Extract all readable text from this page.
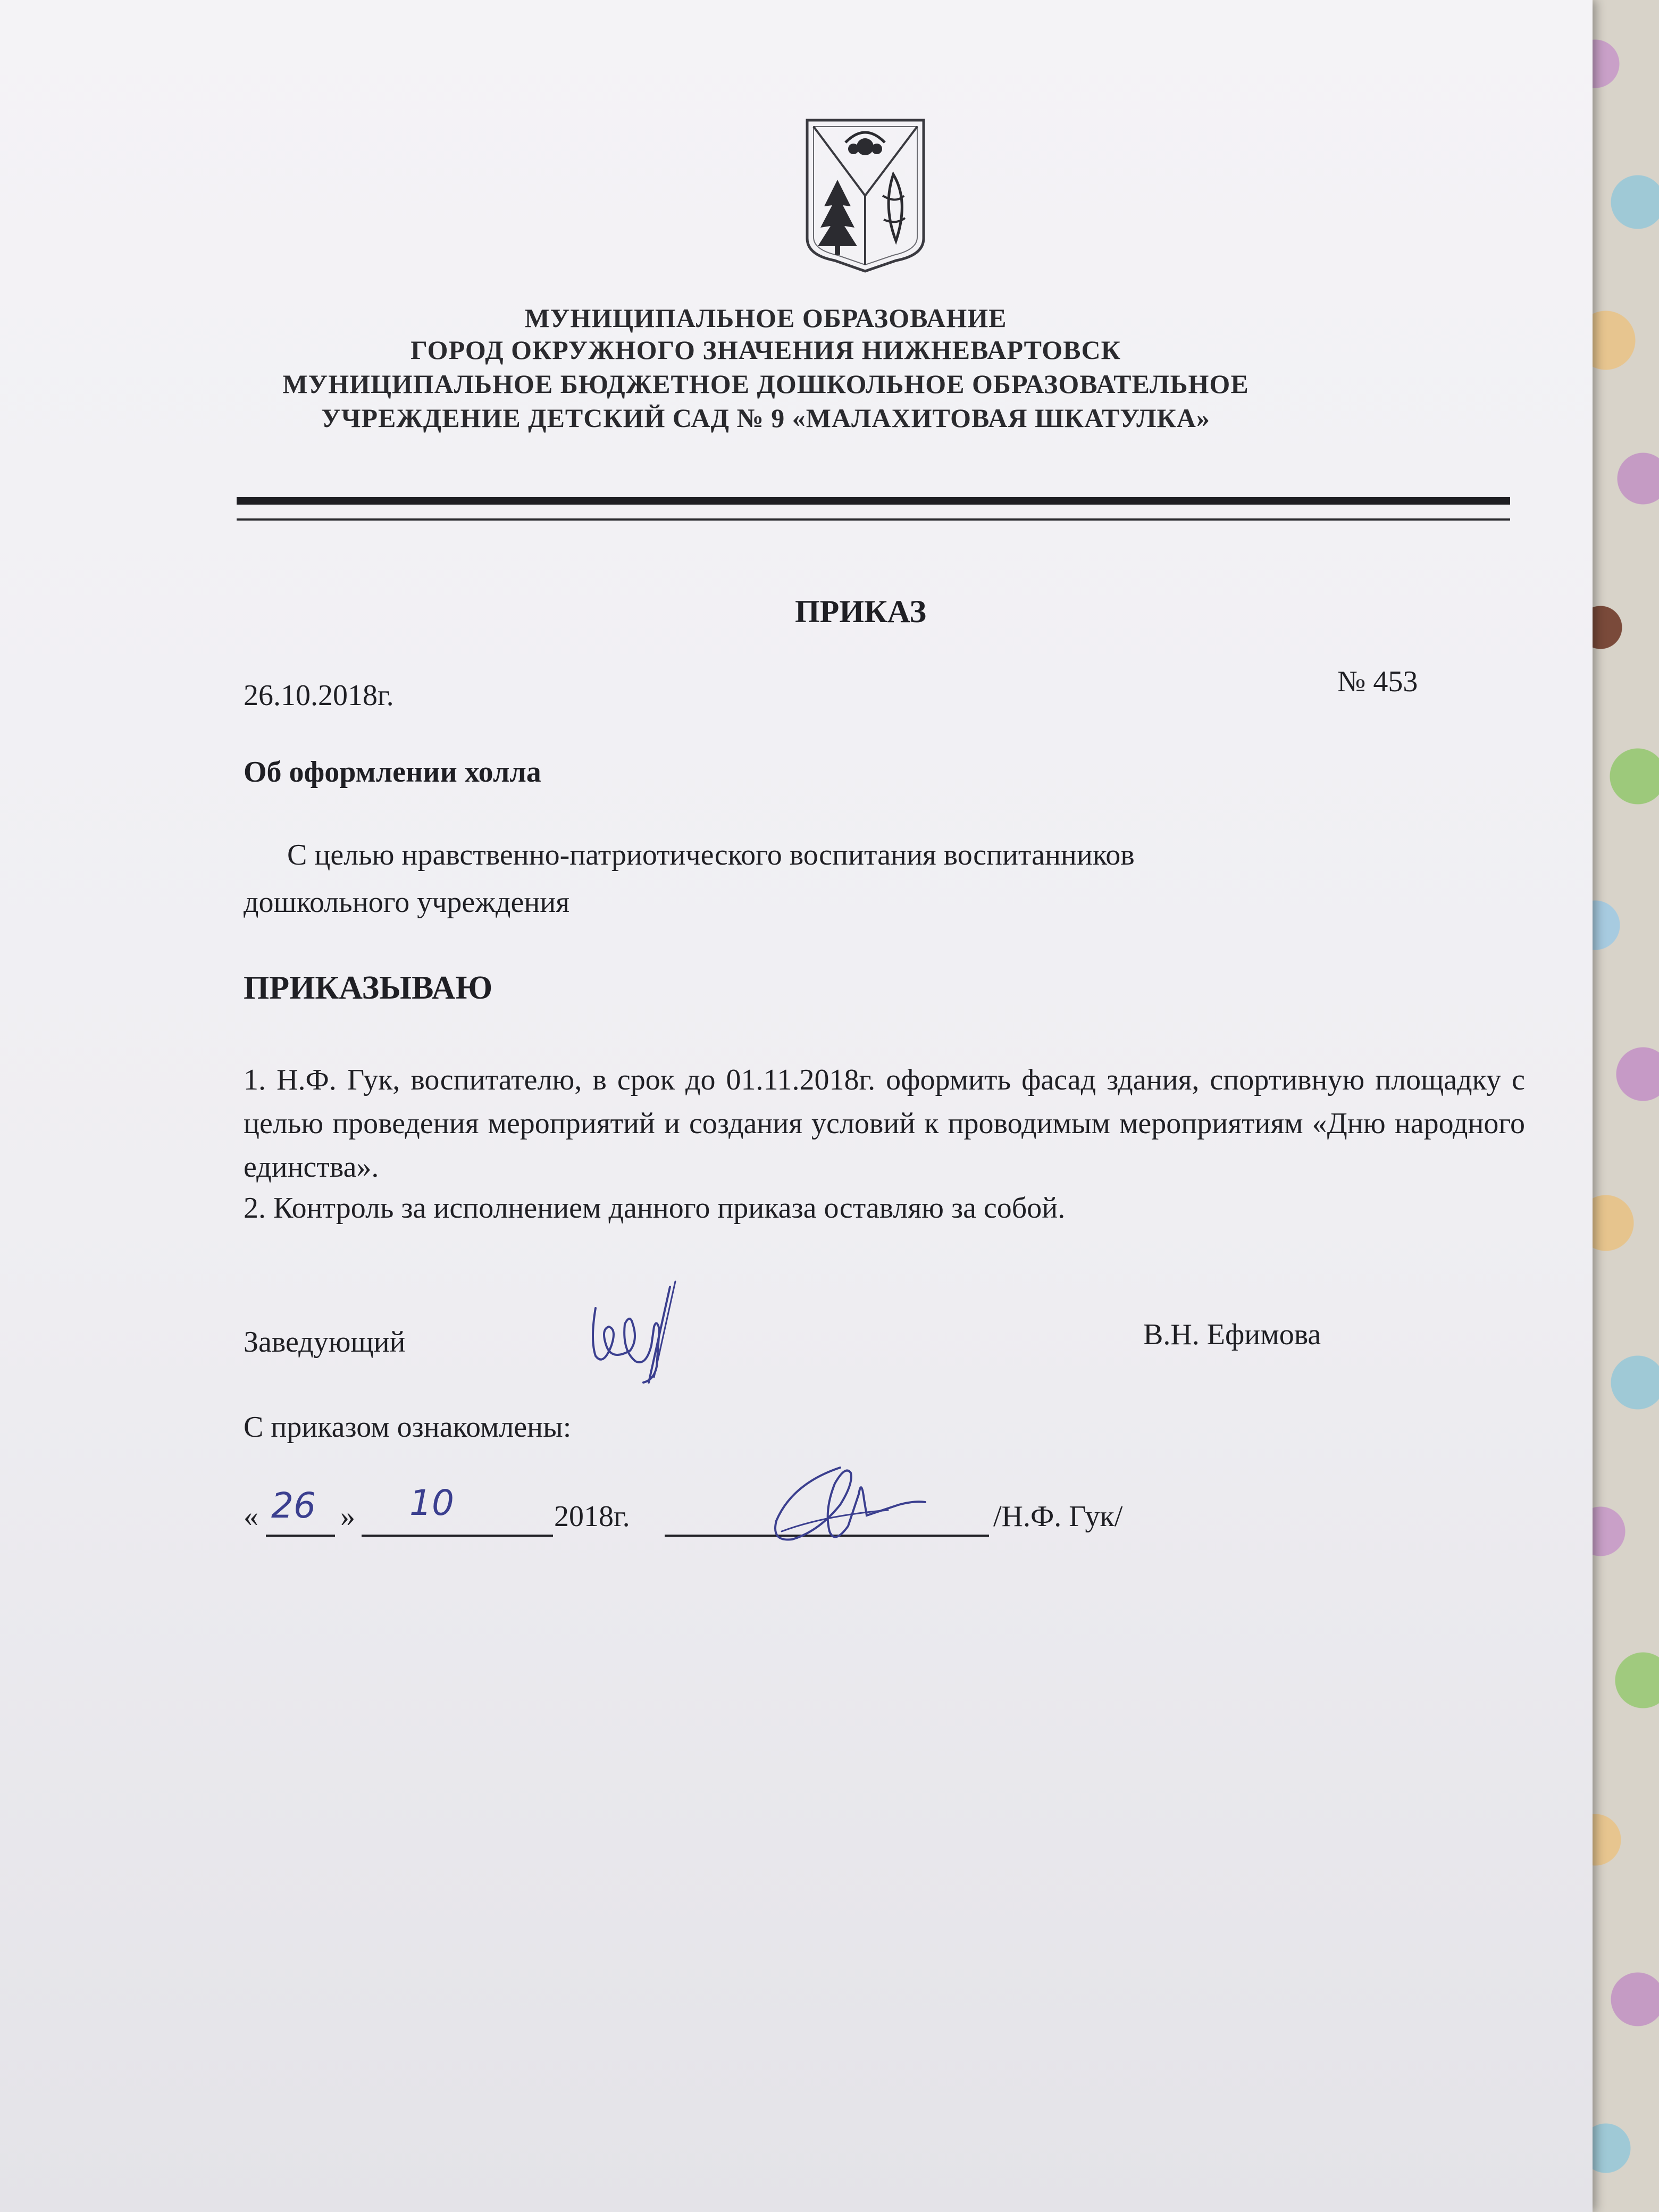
МУНИЦИПАЛЬНОЕ ОБРАЗОВАНИЕ
ГОРОД ОКРУЖНОГО ЗНАЧЕНИЯ НИЖНЕВАРТОВСК
МУНИЦИПАЛЬНОЕ БЮДЖЕТНОЕ ДОШКОЛЬНОЕ ОБРАЗОВАТЕЛЬНОЕ
УЧРЕЖДЕНИЕ ДЕТСКИЙ САД № 9 «МАЛАХИТОВАЯ ШКАТУЛКА»
ПРИКАЗ
26.10.2018г.	№ 453
Об оформлении холла
С целью нравственно-патриотического воспитания воспитанников
дошкольного учреждения
ПРИКАЗЫВАЮ
1. Н.Ф. Гук, воспитателю, в срок до 01.11.2018г. оформить фасад здания, спортивную площадку с целью проведения мероприятий и создания условий к проводимым мероприятиям «Дню народного единства».
2. Контроль за исполнением данного приказа оставляю за собой.
Заведующий	В.Н. Ефимова
С приказом ознакомлены:
« 26 » 10	2018г.	/Н.Ф. Гук/
